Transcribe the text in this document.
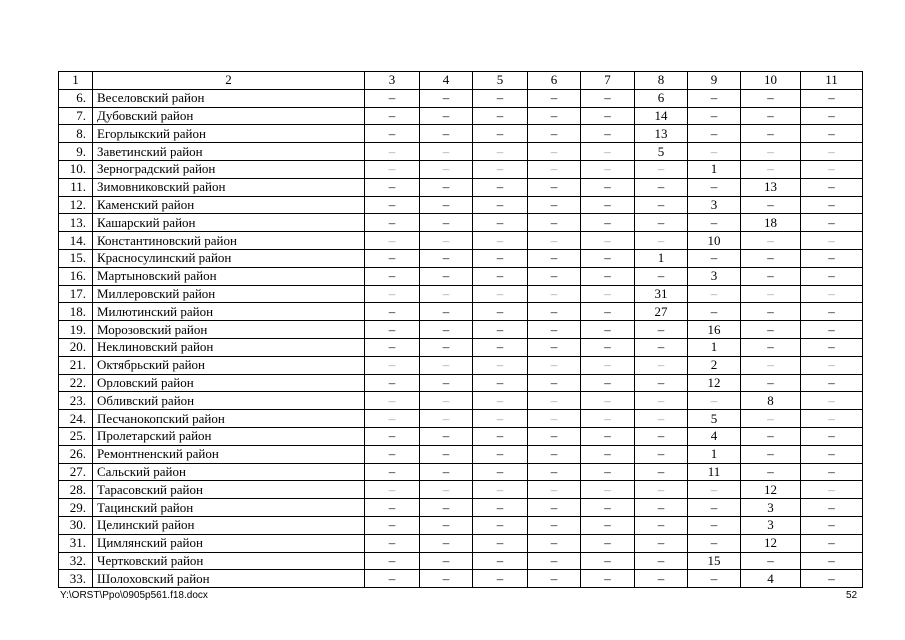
1	2	3	4	5	6	7	8	9	10	11
6.	Веселовский район	–	–	–	–	–	6	–	–	–
7.	Дубовский район	–	–	–	–	–	14	–	–	–
8.	Егорлыкский район	–	–	–	–	–	13	–	–	–
9.	Заветинский район	–	–	–	–	–	5	–	–	–
10.	Зерноградский район	–	–	–	–	–	–	1	–	–
11.	Зимовниковский район	–	–	–	–	–	–	–	13	–
12.	Каменский район	–	–	–	–	–	–	3	–	–
13.	Кашарский район	–	–	–	–	–	–	–	18	–
14.	Константиновский район	–	–	–	–	–	–	10	–	–
15.	Красносулинский район	–	–	–	–	–	1	–	–	–
16.	Мартыновский район	–	–	–	–	–	–	3	–	–
17.	Миллеровский район	–	–	–	–	–	31	–	–	–
18.	Милютинский район	–	–	–	–	–	27	–	–	–
19.	Морозовский район	–	–	–	–	–	–	16	–	–
20.	Неклиновский район	–	–	–	–	–	–	1	–	–
21.	Октябрьский район	–	–	–	–	–	–	2	–	–
22.	Орловский район	–	–	–	–	–	–	12	–	–
23.	Обливский район	–	–	–	–	–	–	–	8	–
24.	Песчанокопский район	–	–	–	–	–	–	5	–	–
25.	Пролетарский район	–	–	–	–	–	–	4	–	–
26.	Ремонтненский район	–	–	–	–	–	–	1	–	–
27.	Сальский район	–	–	–	–	–	–	11	–	–
28.	Тарасовский район	–	–	–	–	–	–	–	12	–
29.	Тацинский район	–	–	–	–	–	–	–	3	–
30.	Целинский район	–	–	–	–	–	–	–	3	–
31.	Цимлянский район	–	–	–	–	–	–	–	12	–
32.	Чертковский район	–	–	–	–	–	–	15	–	–
33.	Шолоховский район	–	–	–	–	–	–	–	4	–
Y:\ORST\Ppo\0905p561.f18.docx	52
